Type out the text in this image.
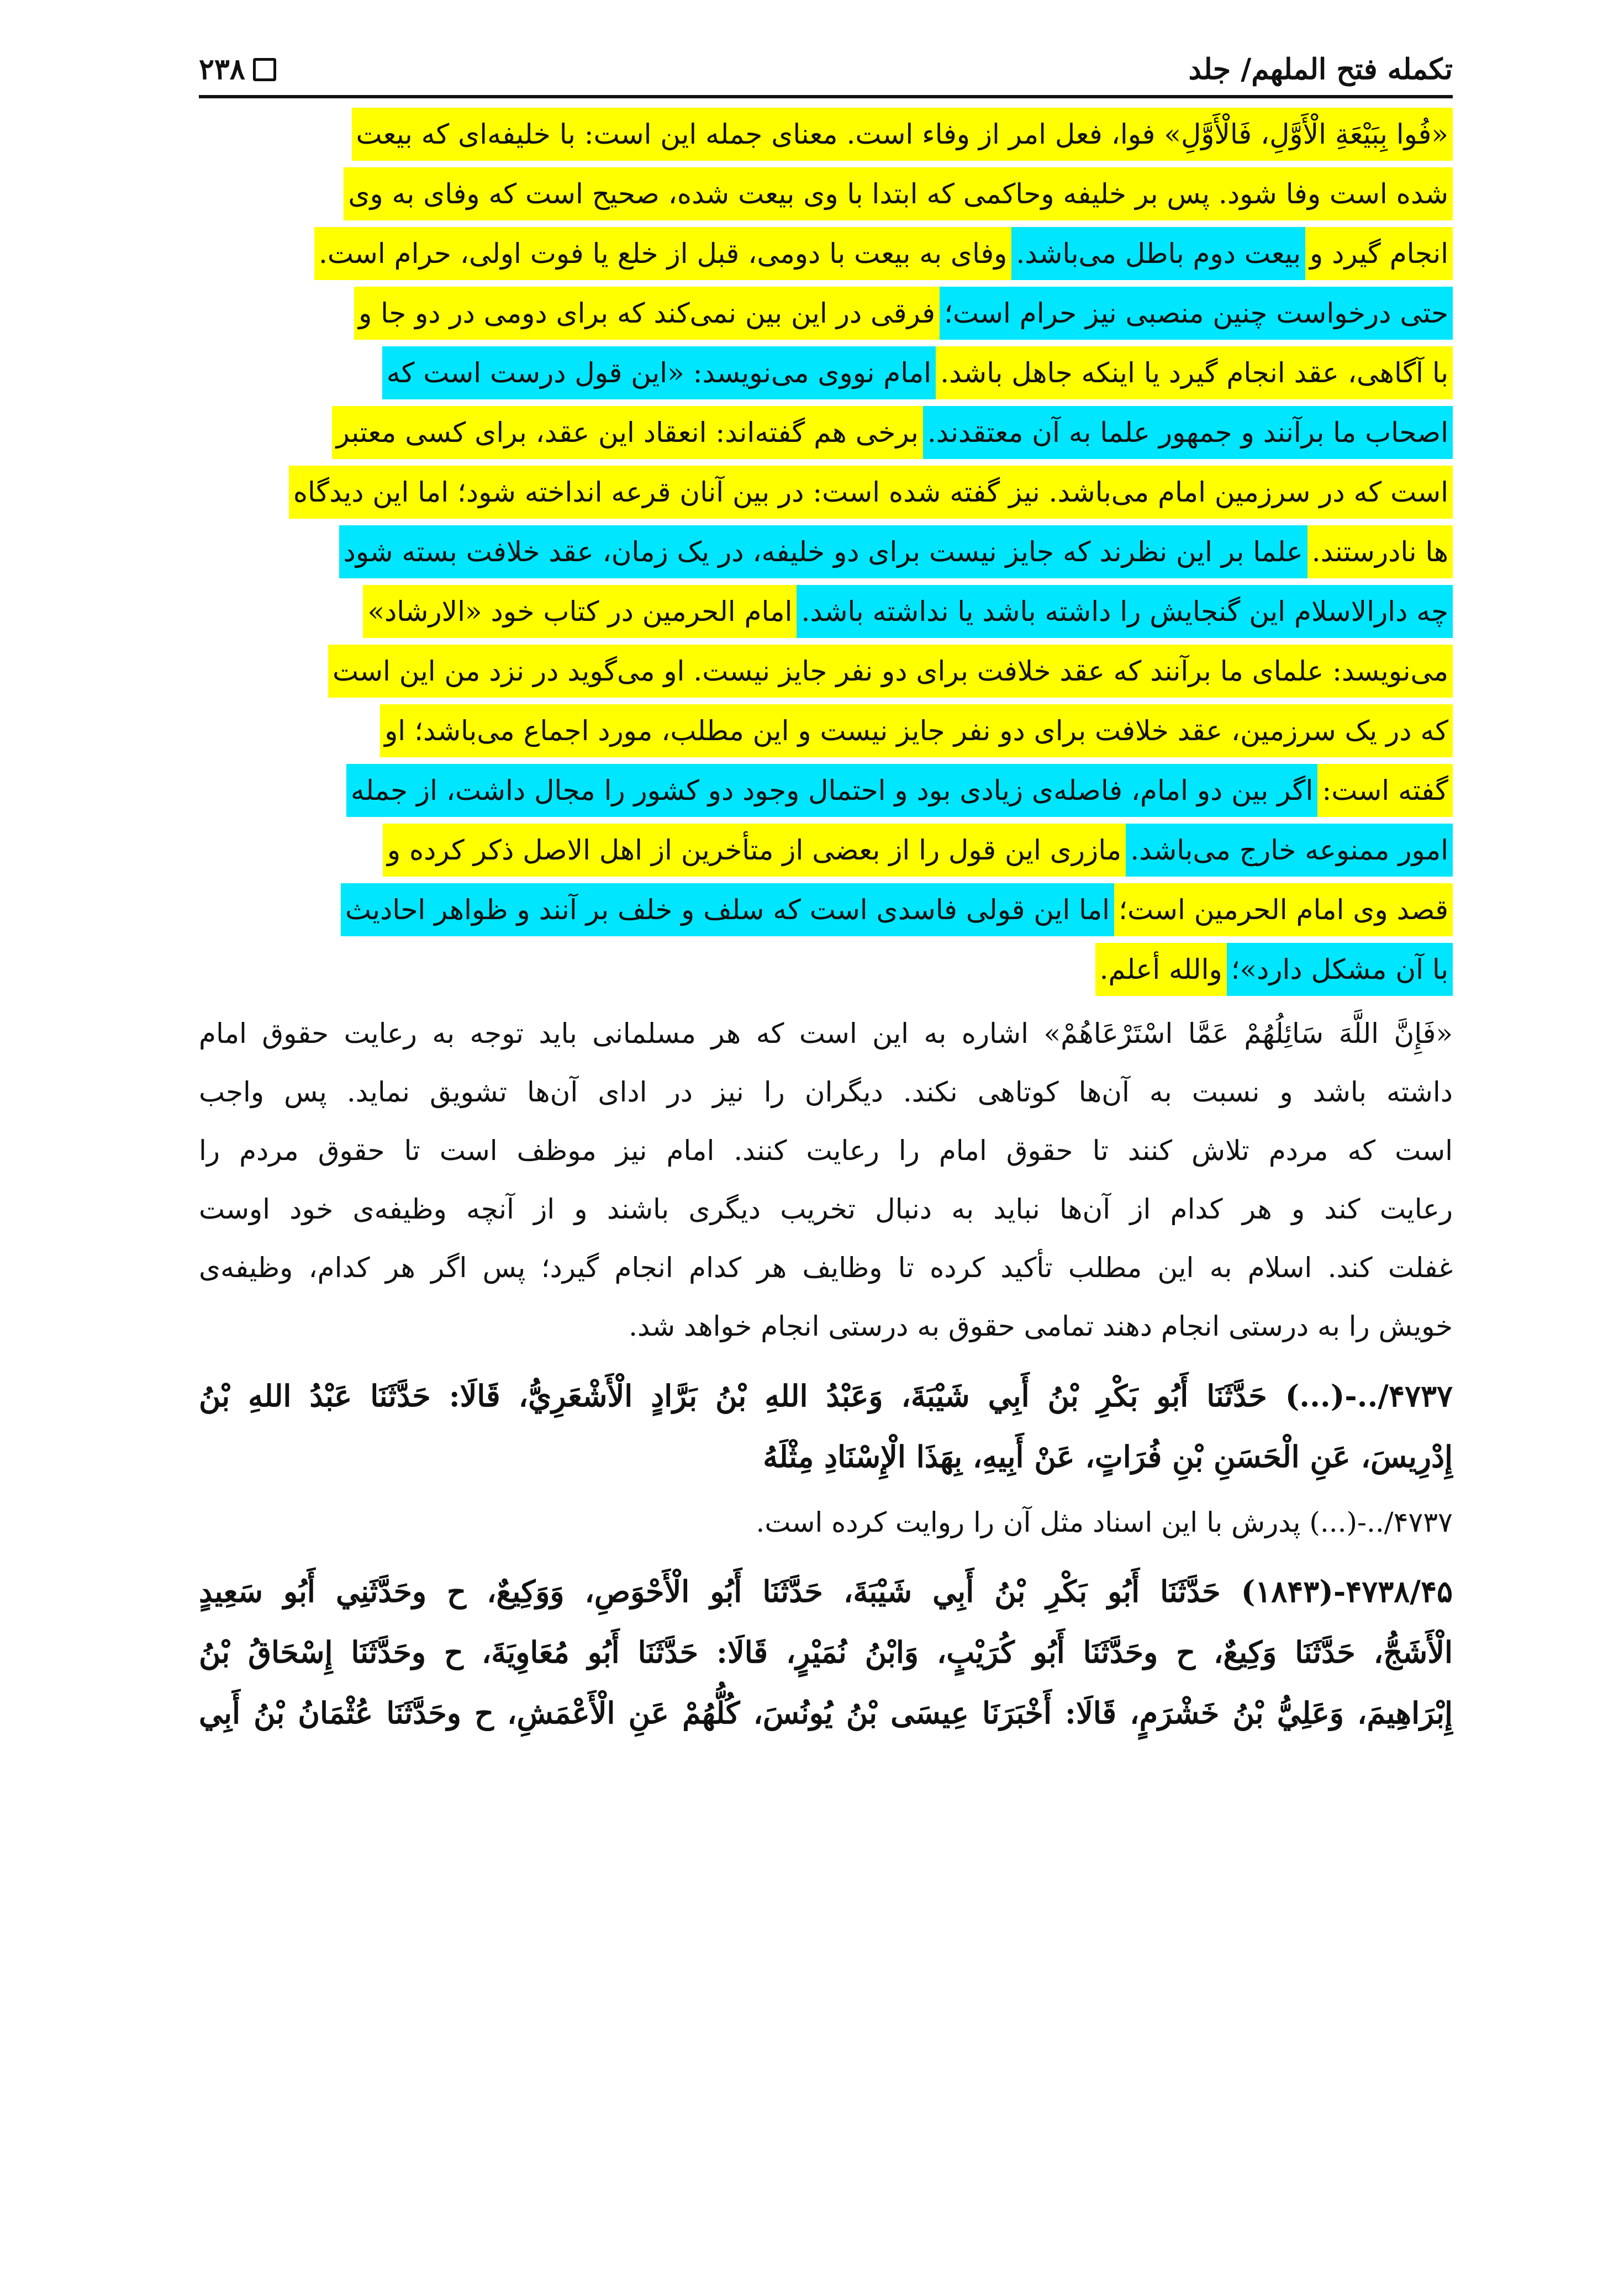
تکمله فتح الملهم/ جلد
۲۳۸
«فُوا بِبَيْعَةِ الْأَوَّلِ، فَالْأَوَّلِ» فوا، فعل امر از وفاء است. معنای جمله این است: با خلیفه‌ای که بیعت
شده است وفا شود. پس بر خلیفه وحاکمی که ابتدا با وی بیعت شده، صحیح است که وفای به وی
انجام گیرد وبیعت دوم باطل می‌باشد.وفای به بیعت با دومی، قبل از خلع یا فوت اولی، حرام است.
حتی درخواست چنین منصبی نیز حرام است؛فرقی در این بین نمی‌کند که برای دومی در دو جا و
با آگاهی، عقد انجام گیرد یا اینکه جاهل باشد.امام نووی می‌نویسد: «این قول درست است که
اصحاب ما برآنند و جمهور علما به آن معتقدند.برخی هم گفته‌اند: انعقاد این عقد، برای کسی معتبر
است که در سرزمین امام می‌باشد. نیز گفته شده است: در بین آنان قرعه انداخته شود؛ اما این دیدگاه
ها نادرستند.علما بر این نظرند که جایز نیست برای دو خلیفه، در یک زمان، عقد خلافت بسته شود
چه دارالاسلام این گنجایش را داشته باشد یا نداشته باشد.امام الحرمین در کتاب خود «الارشاد»
می‌نویسد: علمای ما برآنند که عقد خلافت برای دو نفر جایز نیست. او می‌گوید در نزد من این است
که در یک سرزمین، عقد خلافت برای دو نفر جایز نیست و این مطلب، مورد اجماع می‌باشد؛ او
گفته است:اگر بین دو امام، فاصله‌ی زیادی بود و احتمال وجود دو کشور را مجال داشت، از جمله
امور ممنوعه خارج می‌باشد.مازری این قول را از بعضی از متأخرین از اهل الاصل ذکر کرده و
قصد وی امام الحرمین است؛اما این قولی فاسدی است که سلف و خلف بر آنند و ظواهر احادیث
با آن مشکل دارد»؛والله أعلم.
«فَإِنَّ اللَّهَ سَائِلُهُمْ عَمَّا اسْتَرْعَاهُمْ» اشاره به این است که هر مسلمانی باید توجه به رعایت حقوق امام
داشته باشد و نسبت به آن‌ها کوتاهی نکند. دیگران را نیز در ادای آن‌ها تشویق نماید. پس واجب
است که مردم تلاش کنند تا حقوق امام را رعایت کنند. امام نیز موظف است تا حقوق مردم را
رعایت کند و هر کدام از آن‌ها نباید به دنبال تخریب دیگری باشند و از آنچه وظیفه‌ی خود اوست
غفلت کند. اسلام به این مطلب تأکید کرده تا وظایف هر کدام انجام گیرد؛ پس اگر هر کدام، وظیفه‌ی
خویش را به درستی انجام دهند تمامی حقوق به درستی انجام خواهد شد.
۴۷۳۷/..-(...) حَدَّثَنَا أَبُو بَكْرِ بْنُ أَبِي شَيْبَةَ، وَعَبْدُ اللهِ بْنُ بَرَّادٍ الْأَشْعَرِيُّ، قَالَا: حَدَّثَنَا عَبْدُ اللهِ بْنُ
إِدْرِيسَ، عَنِ الْحَسَنِ بْنِ فُرَاتٍ، عَنْ أَبِيهِ، بِهَذَا الْإِسْنَادِ مِثْلَهُ
۴۷۳۷/..-(...) پدرش با این اسناد مثل آن را روایت کرده است.
۴۷۳۸/۴۵-(۱۸۴۳) حَدَّثَنَا أَبُو بَكْرِ بْنُ أَبِي شَيْبَةَ، حَدَّثَنَا أَبُو الْأَحْوَصِ، وَوَكِيعٌ، ح وحَدَّثَنِي أَبُو سَعِيدٍ
الْأَشَجُّ، حَدَّثَنَا وَكِيعٌ، ح وحَدَّثَنَا أَبُو كُرَيْبٍ، وَابْنُ نُمَيْرٍ، قَالَا: حَدَّثَنَا أَبُو مُعَاوِيَةَ، ح وحَدَّثَنَا إِسْحَاقُ بْنُ
إِبْرَاهِيمَ، وَعَلِيُّ بْنُ خَشْرَمٍ، قَالَا: أَخْبَرَنَا عِيسَى بْنُ يُونُسَ، كُلُّهُمْ عَنِ الْأَعْمَشِ، ح وحَدَّثَنَا عُثْمَانُ بْنُ أَبِي
